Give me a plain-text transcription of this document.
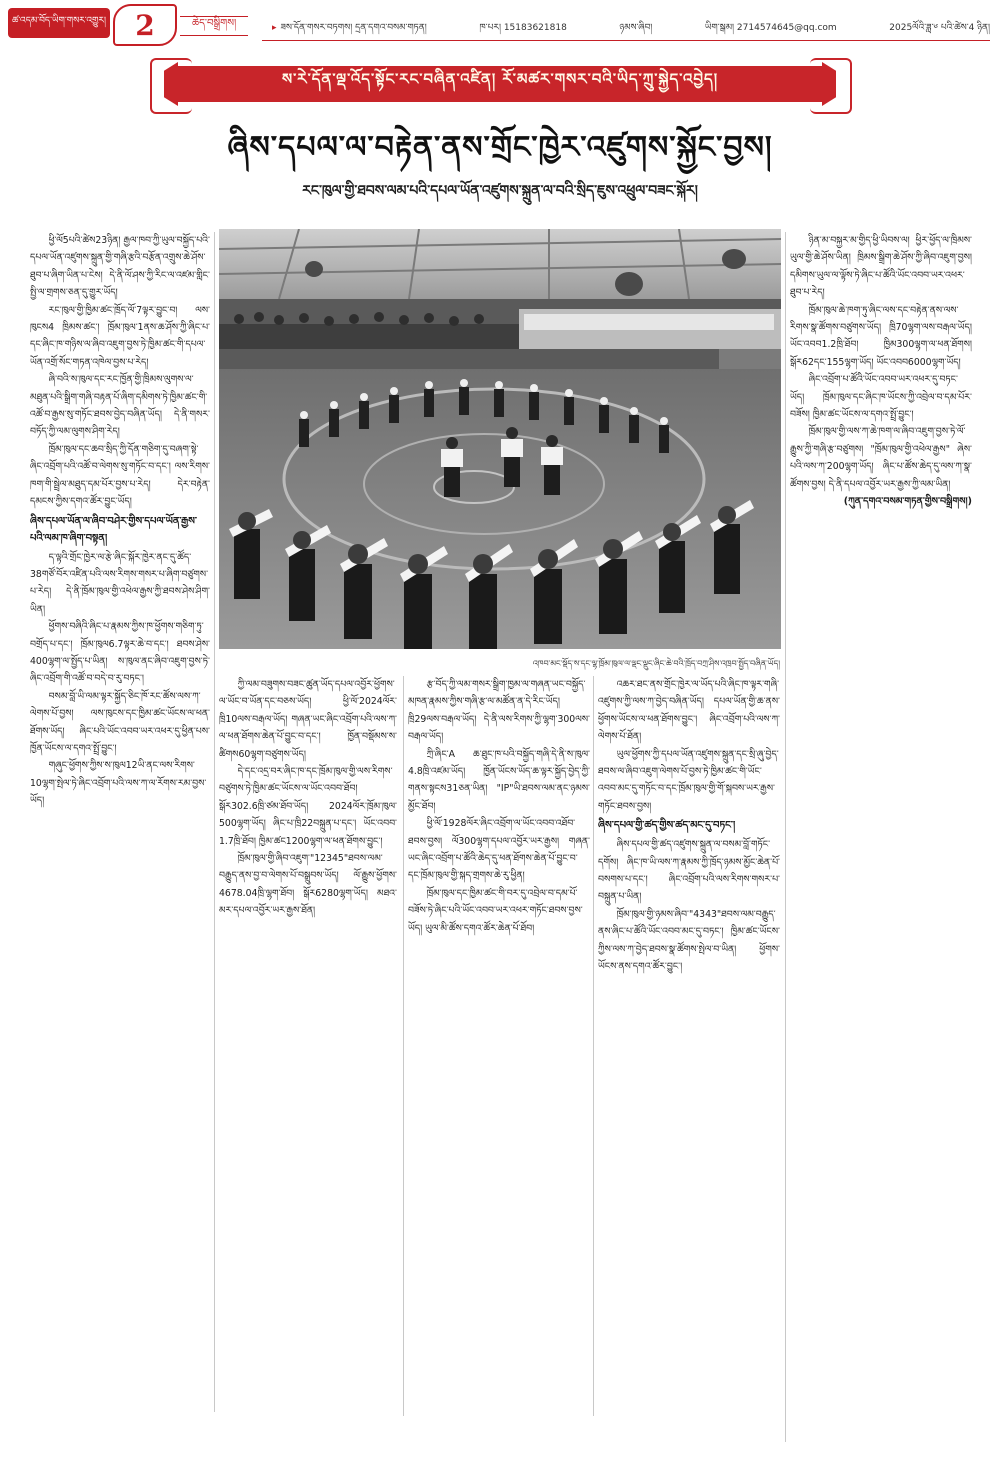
ཚ་འདམ་བོད་ཡིག་གསར་འགྱུར།	2	ཆེད་བསྒྲིགས།	▸ ཟས་དོན་གསར་བཏགས། དྲན་དགའ་བསམ་གཏན།	ཁ་པར། 15183621818	ཉམས་ཞིབ།	ཡིག་སྒམ། 2714574645@qq.com	2025ལོའི་ཟླ་༦ པའི་ཚེས་4 ཉིན།
ས་རེ་དོན་ལྡ་འོད་སྟོང་རང་བཞིན་འཛིན། རོ་མཚར་གསར་བའི་ཡིད་ཀྲུ་སྐྱེད་འབྱེད།
ཞིས་དཔལ་ལ་བརྟེན་ནས་གྲོང་ཁྱེར་འཛུགས་སྐྱོང་བྱས།
རང་ཁུལ་གྱི་ཐབས་ལམ་པའི་དཔལ་ཡོན་འཛུགས་སྐྲུན་ལ་བའི་སྲིད་ཇུས་འཕྲུལ་བཟང་སྐོར།
འཁབ་མང་སྡོད་ས་དང་ལྷ་ཁྲོམ་ཁུལ་ལ་ལྡང་ལྡུང་ཞིང་ཆེ་བའི་ཁྲོད་བཀྲ་ཤིས་འཁྲབ་སྤྱོད་བཞིན་ཡོད།

ཕྱི་ལོ5པའི་ཚེས23ཉིན། རྒྱལ་ཁབ་ཀྱི་ཡུལ་བསྐྱོད་པའི་དཔལ་ཡོན་འཛུགས་སྐྲུན་གྱི་གཞི་རྩའི་བརྩོན་འགྲུས་ཆེ་ཤོས་ཐུབ་པ་ཞིག་ཡིན་པ་ངེས། དེ་ནི་ལོ་ཤས་ཀྱི་རིང་ལ་འཛམ་གླིང་སྤྱི་ལ་གྲགས་ཅན་དུ་གྱུར་ཡོད།

རང་ཁུལ་གྱི་ཁྱིམ་ཚང་ཁྲོད་ལོ་7ལྟར་བྱུང་བ། ལས་ཁུངས4 ཁྲིམས་ཚང་། ཁྲོམ་ཁུལ་1ནས་ཆ་ཤོས་ཀྱི་ཞིང་པ་དང་ཞིང་ཁ་གཉིས་ལ་ཞིབ་འཇུག་བྱས་ཏེ་ཁྱིམ་ཚང་གི་དཔལ་ཡོན་འགྲོ་སོང་གཏན་འཁེལ་བྱས་པ་རེད།

ཞི་བའི་ས་ཁུལ་དང་རང་ཁྱོན་གྱི་ཁྲིམས་ལུགས་ལ་མཐུན་པའི་སྒྲིག་གཞི་བརྟན་པོ་ཞིག་དམིགས་ཏེ་ཁྱིམ་ཚང་གི་འཚོ་བ་རྒྱས་སུ་གཏོང་ཐབས་བྱེད་བཞིན་ཡོད། དེ་ནི་གསར་བཏོད་ཀྱི་ལམ་ལུགས་ཤིག་རེད།

ཁྲོམ་ཁུལ་དང་ཆབ་སྲིད་ཀྱི་དོན་གཅིག་དུ་བཞག་སྟེ་ཞིང་འབྲོག་པའི་འཚོ་བ་ལེགས་སུ་གཏོང་བ་དང་། ལས་རིགས་ཁག་གི་སྦྲེལ་མཐུད་དམ་པོར་བྱས་པ་རེད། དེར་བརྟེན་དམངས་ཀྱིས་དགའ་ཚོར་བྱུང་ཡོད།

ཞིས་དཔལ་ཡོན་ལ་ཞིབ་བཤེར་གྱིས་དཔལ་ཡོན་རྒྱས་པའི་ལམ་ཁ་ཞིག་བསྟན།

ད་ལྟའི་གྲོང་ཁྱེར་ལ་རྩེ་ཞིང་སྐོར་ཁྱེར་ནང་དུ་ཚོད་38གཙོ་བོར་འཛིན་པའི་ལས་རིགས་གསར་པ་ཞིག་བཙུགས་པ་རེད། དེ་ནི་ཁྲོམ་ཁུལ་གྱི་འཕེལ་རྒྱས་ཀྱི་ཐབས་ཤེས་ཤིག་ཡིན།

ཕྱོགས་བཞིའི་ཞིང་པ་རྣམས་ཀྱིས་ཁ་ཕྱོགས་གཅིག་ཏུ་བགྲོད་པ་དང་། ཁྲོམ་ཁུལ6.7ལྟར་ཆེ་བ་དང་། ཐབས་ཤེས་400ལྷག་ལ་སྤྱོད་པ་ཡིན། ས་ཁུལ་ནང་ཞིབ་འཇུག་བྱས་ཏེ་ཞིང་འབྲོག་གི་འཚོ་བ་བདེ་བ་རུ་བཏང་།

བསམ་བློ་ཡི་ལམ་ལྟར་སྐྱོད་ཅིང་ཁོ་རང་ཚོས་ལས་ཀ་ལེགས་པོ་བྱས། ལས་ཁུངས་དང་ཁྱིམ་ཚང་ཡོངས་ལ་ཕན་ཐོགས་ཡོད། ཞིང་པའི་ཡོང་འབབ་ཡར་འཕར་དུ་ཕྱིན་པས་ཁྱོན་ཡོངས་ལ་དགའ་སྤྲོ་བྱུང་།

གཞུང་ཕྱོགས་ཀྱིས་ས་ཁུལ12ཡི་ནང་ལས་རིགས་10ལྷག་སྤེལ་ཏེ་ཞིང་འབྲོག་པའི་ལས་ཀ་ལ་རོགས་རམ་བྱས་ཡོད།

ཀྱི་ལམ་བཟུགས་བཟང་ཚུན་ཡོད་དཔལ་འབྱོར་ཕྱོགས་ལ་ཡོང་བ་ཡོན་དང་བཅས་ཡོད། ཕྱི་ལོ་2024ལོར་ཁྲི10ལས་བརྒལ་ཡོད། གཞན་ཡང་ཞིང་འབྲོག་པའི་ལས་ཀ་ལ་ཕན་ཐོགས་ཆེན་པོ་བྱུང་བ་དང་། ཁྱོན་བསྡོམས་ས་ཚིགས60ལྷག་བཙུགས་ཡོད།

དེ་དང་འདྲ་བར་ཞིང་ཁ་དང་ཁྲོམ་ཁུལ་གྱི་ལས་རིགས་བཙུགས་ཏེ་ཁྱིམ་ཚང་ཡོངས་ལ་ཡོང་འབབ་ཐོབ། སྒོར302.6ཁྲི་ཙམ་ཐོབ་ཡོད། 2024ལོར་ཁྲོམ་ཁུལ་500ལྷག་ཡོད། ཞིང་པ་ཁྲི22བསྐྲུན་པ་དང་། ཡོང་འབབ་1.7ཁྲི་ཐོབ། ཁྱིམ་ཚང1200ལྷག་ལ་ཕན་ཐོགས་བྱུང་།

ཁྲོམ་ཁུལ་གྱི་ཞིབ་འཇུག་"12345"ཐབས་ལམ་བརྒྱུད་ནས་བྱ་བ་ལེགས་པོ་བསྒྲུབས་ཡོད། ལོ་རྒྱུས་ཕྱོགས་4678.04ཁྲི་ལྷག་ཐོབ། སྒོར6280ལྷག་ཡོད། མཐའ་མར་དཔལ་འབྱོར་ཡར་རྒྱས་ཐོན།

རྩ་བོད་ཀྱི་ལམ་གསར་སྒྲིག་ཁྱམ་ལ་གཞན་ཡང་བསྐྱོད་མཁན་རྣམས་ཀྱིས་གཞི་རྩ་ལ་མཚོན་ན་དེ་རིང་ཡོད། ཁྲི29ལས་བརྒལ་ཡོད། དེ་ནི་ལས་རིགས་ཀྱི་ལྷག་300ལས་བརྒལ་ཡོད།

ཀྲི་ཞིང་A ཆ་ཐུང་ཁ་པའི་བསྐྱོད་གཞི་དེ་ནི་ས་ཁུལ་4.8ཁྲི་འཛམ་ཡོད། ཁྱོན་ཡོངས་ཡོད་ཆ་ལྟར་སྐྱོད་བྱེད་ཀྱི་གནས་སྟངས31ཅན་ཡིན། "IP"ཡི་ཐབས་ལམ་ནང་ཉམས་མྱོང་ཐོབ།

ཕྱི་ལོ་1928ལོར་ཞིང་འབྲོག་ལ་ཡོང་འབབ་འཐོབ་ཐབས་བྱས། ལོ300ལྷག་དཔལ་འབྱོར་ཡར་རྒྱས། གཞན་ཡང་ཞིང་འབྲོག་པ་ཚོའི་ཆེད་དུ་ཕན་ཐོགས་ཆེན་པོ་བྱུང་བ་དང་ཁྲོམ་ཁུལ་གྱི་སྐད་གྲགས་ཆེ་རུ་ཕྱིན།

ཁྲོམ་ཁུལ་དང་ཁྱིམ་ཚང་གི་བར་དུ་འབྲེལ་བ་དམ་པོ་བཟོས་ཏེ་ཞིང་པའི་ཡོང་འབབ་ཡར་འཕར་གཏོང་ཐབས་བྱས་ཡོད། ཡུལ་མི་ཚོས་དགའ་ཚོར་ཆེན་པོ་ཐོབ།

འཆར་ཐང་ནས་གྲོང་ཁྱེར་ལ་ཡོད་པའི་ཞིང་ཁ་ལྟར་གཞི་འཛུགས་ཀྱི་ལས་ཀ་བྱེད་བཞིན་ཡོད། དཔལ་ཡོན་གྱི་ཆ་ནས་ཕྱོགས་ཡོངས་ལ་ཕན་ཐོགས་བྱུང་། ཞིང་འབྲོག་པའི་ལས་ཀ་ལེགས་པོ་ཐོན།

ཡུལ་ཕྱོགས་ཀྱི་དཔལ་ཡོན་འཛུགས་སྐྲུན་དང་སྲི་ཞུ་བྱེད་ཐབས་ལ་ཞིབ་འཇུག་ལེགས་པོ་བྱས་ཏེ་ཁྱིམ་ཚང་གི་ཡོང་འབབ་མང་དུ་གཏོང་བ་དང་ཁྲོམ་ཁུལ་གྱི་གོ་སྐབས་ཡར་རྒྱས་གཏོང་ཐབས་བྱས།

ཞིས་དཔལ་གྱི་ཚད་གྱིས་ཚད་མང་དུ་བཏང་།

ཞིས་དཔལ་གྱི་ཚད་འཛུགས་སྐྲུན་ལ་བསམ་བློ་གཏོང་དགོས། ཞིང་ཁ་ཡི་ལས་ཀ་རྣམས་ཀྱི་ཁྲོད་ཉམས་མྱོང་ཆེན་པོ་བསགས་པ་དང་། ཞིང་འབྲོག་པའི་ལས་རིགས་གསར་པ་བསྐྲུན་པ་ཡིན།

ཁྲོམ་ཁུལ་གྱི་ཉམས་ཞིབ་"4343"ཐབས་ལམ་བརྒྱུད་ནས་ཞིང་པ་ཚོའི་ཡོང་འབབ་མང་དུ་བཏང་། ཁྱིམ་ཚང་ཡོངས་ཀྱིས་ལས་ཀ་བྱེད་ཐབས་སྣ་ཚོགས་སྤེལ་བ་ཡིན། ཕྱོགས་ཡོངས་ནས་དགའ་ཚོར་བྱུང་།

ཉིན་མ་བསྐྱར་མ་གྱིད་ཕྱི་ཡིབས་ལ། ཕྱིར་ཕྱོད་ལ་ཁྲིམས་ཡུལ་གྱི་ཆེ་ཤོས་ཡིན། ཁྲིམས་སྒྲིག་ཆེ་ཤོས་ཀྱི་ཞིབ་འཇུག་བྱས། དམིགས་ཡུལ་ལ་ལྟོས་ཏེ་ཞིང་པ་ཚོའི་ཡོང་འབབ་ཡར་འཕར་ཐུབ་པ་རེད།

ཁྲོམ་ཁུལ་ཆེ་ཁག་ཏུ་ཞིང་ལས་དང་བརྟེན་ནས་ལས་རིགས་སྣ་ཚོགས་བཙུགས་ཡོད། ཁྲི70ལྷག་ལས་བརྒལ་ཡོད། ཡོང་འབབ1.2ཁྲི་ཐོབ། ཁྱིམ300ལྷག་ལ་ཕན་ཐོགས། སྒོར62དང་155ལྷག་ཡོད། ཡོང་འབབ6000ལྷག་ཡོད།

ཞིང་འབྲོག་པ་ཚོའི་ཡོང་འབབ་ཡར་འཕར་དུ་བཏང་ཡོད། ཁྲོམ་ཁུལ་དང་ཞིང་ཁ་ཡོངས་ཀྱི་འབྲེལ་བ་དམ་པོར་བཟོས། ཁྱིམ་ཚང་ཡོངས་ལ་དགའ་སྤྲོ་བྱུང་།

ཁྲོམ་ཁུལ་གྱི་ལས་ཀ་ཆེ་ཁག་ལ་ཞིབ་འཇུག་བྱས་ཏེ་ལོ་རྒྱུས་ཀྱི་གཞི་རྩ་བཙུགས། "ཁྲོམ་ཁུལ་གྱི་འཕེལ་རྒྱས" ཞེས་པའི་ལས་ཀ་200ལྷག་ཡོད། ཞིང་པ་ཚོས་ཆེད་དུ་ལས་ཀ་སྣ་ཚོགས་བྱས། དེ་ནི་དཔལ་འབྱོར་ཡར་རྒྱས་ཀྱི་ལམ་ཡིན།

(ཀུན་དགའ་བསམ་གཏན་གྱིས་བསྒྲིགས།)
